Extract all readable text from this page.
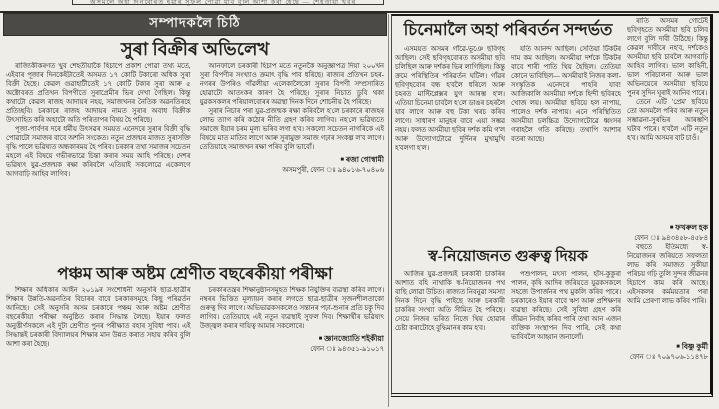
অসমলৈ অহা দিনবোৰত ইয়াৰ সুফল পোৱা যাব বুলি আশা কৰা হৈছে — শেহতীয়া খবৰ
সম্পাদকলৈ চিঠি
সুৰা বিক্ৰীৰ অভিলেখ

ৰাজ্যিকীকৰণত খুব শেহতীয়াকৈ হিচাপে প্ৰকাশ পোৱা তথ্য মতে, এইবাৰ পূজাৰ দিনকেইটাতেই অসমত ১৭ কোটি টকাৰো অধিক সুৰা বিক্ৰী হৈছে। কেৱল গুৱাহাটীতেই ১৭ কোটি টকাৰ সুৰা আৰু ৫ অক্টোবৰত প্ৰতিখন বিপণীতে সুৰাপ্ৰেমীৰ ভিৰ দেখা গৈছিল। কিন্তু কথাটো কেৱল ৰাজহ আদায়ৰ নহয়, সমাজখনৰ নৈতিক অৱনতিৰহে প্ৰতিচ্ছবি। চৰকাৰে ৰাজহ আদায়ৰ নামত সুৰাৰ অবাধ বিক্ৰীক উৎসাহিত কৰি অহাটো অতি পৰিতাপৰ বিষয় হৈ পৰিছে।

পূজা-পাৰ্বণৰ দৰে ধৰ্মীয় উৎসৱৰ সময়ত এনেদৰে সুৰাৰ বিক্ৰী বৃদ্ধি পোৱাটো সমাজৰ বাবে অশনি সংকেত। নতুন প্ৰজন্মৰ মাজত সুৰাসক্তি বৃদ্ধি পালে ভৱিষ্যত অন্ধকাৰময় হৈ পৰিব। চৰকাৰ তথা সমাজৰ সচেতন মহলে এই বিষয়ে গভীৰভাৱে চিন্তা কৰাৰ সময় আহি পৰিছে। দেশৰ ভৱিষ্যৎ যুৱ-প্ৰজন্মক ৰক্ষা কৰিবলৈ এতিয়াই সকলোৱে একেলগে আগবাঢ়ি আহিব লাগিব।

আনফালে চৰকাৰী হিচাপ মতে নতুনকৈ অনুজ্ঞাপত্ৰ দিয়া ২০০খন সুৰা বিপণীৰ সংখ্যাও ক্ৰমাৎ বৃদ্ধি পাব ধৰিছে। ৰাজ্যৰ প্ৰতিখন চহৰ-নগৰৰ উপৰিও গাঁৱলীয়া এলেকালৈকো সুৰাৰ বিপণী সম্প্ৰসাৰিত হোৱাটো আতংকৰ কাৰণ হৈ পৰিছে। সুৰাৰ নিচাত ডুবি থকা যুৱকসকলৰ পৰিয়ালবোৰৰ অৱস্থা দিনক দিনে শোচনীয় হৈ পৰিছে।

সুৰাৰ নিচাৰ পৰা যুৱ-প্ৰজন্মক ৰক্ষা কৰিবলৈ হ'লে চৰকাৰে ৰাজহৰ লোভ ত্যাগ কৰি কঠোৰ নীতি গ্ৰহণ কৰিব লাগিব। নহ'লে ভৱিষ্যতে সমাজে ইয়াৰ চৰম মূল্য ভৰিব লগা হ'ব। সকলো সচেতন নাগৰিকে এই বিষয়ে মাত মাতিব লাগে আৰু সুৰামুক্ত সমাজ গঢ়াৰ সংকল্প ল'ব লাগে। তেতিয়াহে সমাজখন ৰক্ষা পৰিব বুলি ভাবোঁ।

■ ৰজা গোস্বামী
অসমপুৰী, ফোন ঃ ৯৪০১৬-৭০৪০৬
পঞ্চম আৰু অষ্টম শ্ৰেণীত বছৰেকীয়া পৰীক্ষা

শিক্ষাৰ অধিকাৰ আইন ২০১৯ৰ সংশোধনী অনুসৰি ছাত্ৰ-ছাত্ৰীৰ শিক্ষাৰ উন্নতি-অৱনতিৰ বিচাৰৰ বাবে চৰকাৰসমূহে কিছু পৰিৱৰ্তন আনিছে। সেই অনুসৰি অসম চৰকাৰে পঞ্চম আৰু অষ্টম শ্ৰেণীত বছৰেকীয়া পৰীক্ষা অনুষ্ঠিত কৰাৰ সিদ্ধান্ত লৈছে। ইয়াৰ ফলত অনুত্তীৰ্ণসকলে এই দুটা শ্ৰেণীত পুনৰ পৰীক্ষাত বহাৰ সুবিধা পাব। এই সিদ্ধান্তই চৰকাৰী বিদ্যালয়ৰ শিক্ষাৰ মান উন্নত কৰাত সহায় কৰিব বুলি আশা কৰা হৈছে।

চৰকাৰতন্ত্ৰৰ শিক্ষানুষ্ঠানসমূহত শিক্ষক নিযুক্তিৰ ব্যৱস্থা কৰিব লাগে। নম্বৰৰ ভিত্তিত মূল্যায়ন কৰাৰ লগতে ছাত্ৰ-ছাত্ৰীৰ সৃজনশীলতাকো গুৰুত্ব দিব লাগে। অভিভাৱকসকলেও সন্তানৰ পঢ়া-শুনাৰ প্ৰতি চকু দিব লাগিব। তেতিয়াহে এই নতুন ব্যৱস্থাই সুফল দিব। শিক্ষাৰ্থীৰ ভৱিষ্যৎ উজ্জ্বল কৰাৰ দায়িত্ব আমাৰ সকলোৰে।

■ জ্ঞানজ্যোতি শইকীয়া
ফোন ঃ ৯৪৩৫১-৯১০১৭
চিনেমালৈ অহা পৰিবৰ্তন সন্দৰ্ভত

এসময়ত অসমৰ গাঁৱে-ভূঞে ছবিগৃহ আছিল। সেই ছবিগৃহবোৰত অসমীয়া ছবি চলিছিল আৰু দৰ্শকৰ ভিৰ লাগিছিল। কিন্তু ক্ৰমে পৰিস্থিতিৰ পৰিৱৰ্তন ঘটিল। গাঁৱৰ ছবিগৃহবোৰ বন্ধ হ'বলৈ ধৰিলে আৰু চহৰত মাল্টিপ্লেক্সৰ যুগ আৰম্ভ হ'ল। এতিয়া চিনেমা চাবলৈ হ'লে ডাঙৰ চহৰলৈ যাব লাগে আৰু বহু টকা খৰচ কৰিব লাগে। সাধাৰণ মানুহৰ বাবে এয়া সম্ভৱ নহয়। ফলত অসমীয়া ছবিৰ দৰ্শক কমি গ'ল আৰু উদ্যোগটোৱে দুৰ্দিনৰ মুখামুখি হ'বলগা হ'ল।

যতি আনন্দ আছিল। সেতিয়া টিকটৰ দাম কম আছিল। অসমীয়া দৰ্শকে টিকটৰ বাবে শাৰী পাতি থিয় হৈছিল। তেতিয়া কোনে ভাবিছিল— অসমীয়াই নিজৰ কলা-সংস্কৃতিক এনেদৰে পাহৰি যাব! আজিকালি অসমীয়া দৰ্শকে হিন্দী ছবিৰহে খোজ লয়। অসমীয়া ছবিয়ে হল নাপায়, পালেও দৰ্শক নাপায়। এনে পৰিস্থিতিত অসমীয়া চলচ্চিত্ৰ উদ্যোগটোৱে ধ্বংসৰ গৰাহলৈ গতি কৰিছে। তথাপি আশাৰ বতৰা আছে।

ৰাতি অসমৰ গোটেই ছবিগৃহতে অসমীয়া ছবি চলিব লাগে বুলি দাবী উঠিছে। কিন্তু কেৱল দাবীৰে নহ'ব, দৰ্শকেও অসমীয়া ছবি চাবলৈ আগবাঢ়ি আহিব লাগিব। ভাল কাহিনী, ভাল পৰিচালনা আৰু ভাল অভিনয়েৰে অসমীয়া ছবিয়ে পুনৰ সুদিন ঘূৰাই আনিব পাৰে।

তেনে এটি 'প্ৰেম' ছবিয়ে তো অসমলৈ পৰিব আৰু নতুন সম্ভাৱনা-সুৰভিৰ আৰম্ভণি ঘটাব পাৰে। হ'বলৈ এটি নতুন হ'ব। আমি অসমৰ বাট চাওঁ।

■ ফখৰুল হক
ফোন ঃ ৯৪৩৪৫৮-৪৫৮৪
স্ব-নিয়োজনত গুৰুত্ব দিয়ক

আজিৰ যুৱ-প্ৰজন্মই চৰকাৰী চাকৰিৰ আশাত বহি নাথাকি স্ব-নিয়োজনৰ পথ বাছি লোৱা উচিত। ৰাজ্যত নিবনুৱা সমস্যা দিনক দিনে বৃদ্ধি পাইছে আৰু চৰকাৰী চাকৰিৰ সংখ্যা অতি সীমিত হৈ পৰিছে। সেয়ে নিজৰ ভৰিত নিজে থিয় হোৱাৰ চেষ্টা কৰাটোহে বুদ্ধিমানৰ কাম হ'ব।

পশুপালন, মৎস্য পালন, হাঁস-কুকুৰা পালন, কৃষি আদিৰ জৰিয়তে যুৱকসকলে সহজে উপাৰ্জনৰ পথ মুকলি কৰিব পাৰে। চৰকাৰেও ইয়াৰ বাবে ঋণ আৰু প্ৰশিক্ষণৰ ব্যৱস্থা কৰিছে। সেই সুবিধা গ্ৰহণ কৰি জীৱন নিৰ্বাহ কৰিব পাৰি তথা আন এজন ব্যক্তিক সংস্থাপন দিব পাৰি, সেই কথা ভাবিবলৈ আহ্বান জনালোঁ।

বহুতে ইতিমধ্যে স্ব-নিয়োজনৰ জৰিয়তে সফলতা লাভ কৰি সমাজত সুকীয়া পৰিচয় গঢ়ি তুলি সুন্দৰ জীৱনৰ হিচাপে কাম কৰি আছে। এইসকলৰ কৰ্মময়তাৰ পৰা আমি প্ৰেৰণা লাভ কৰিব পাৰি।

■ বিষ্ণু কুৰ্মী
ফোন ঃ ৭০৯৭০৬-১১৪৭৮
